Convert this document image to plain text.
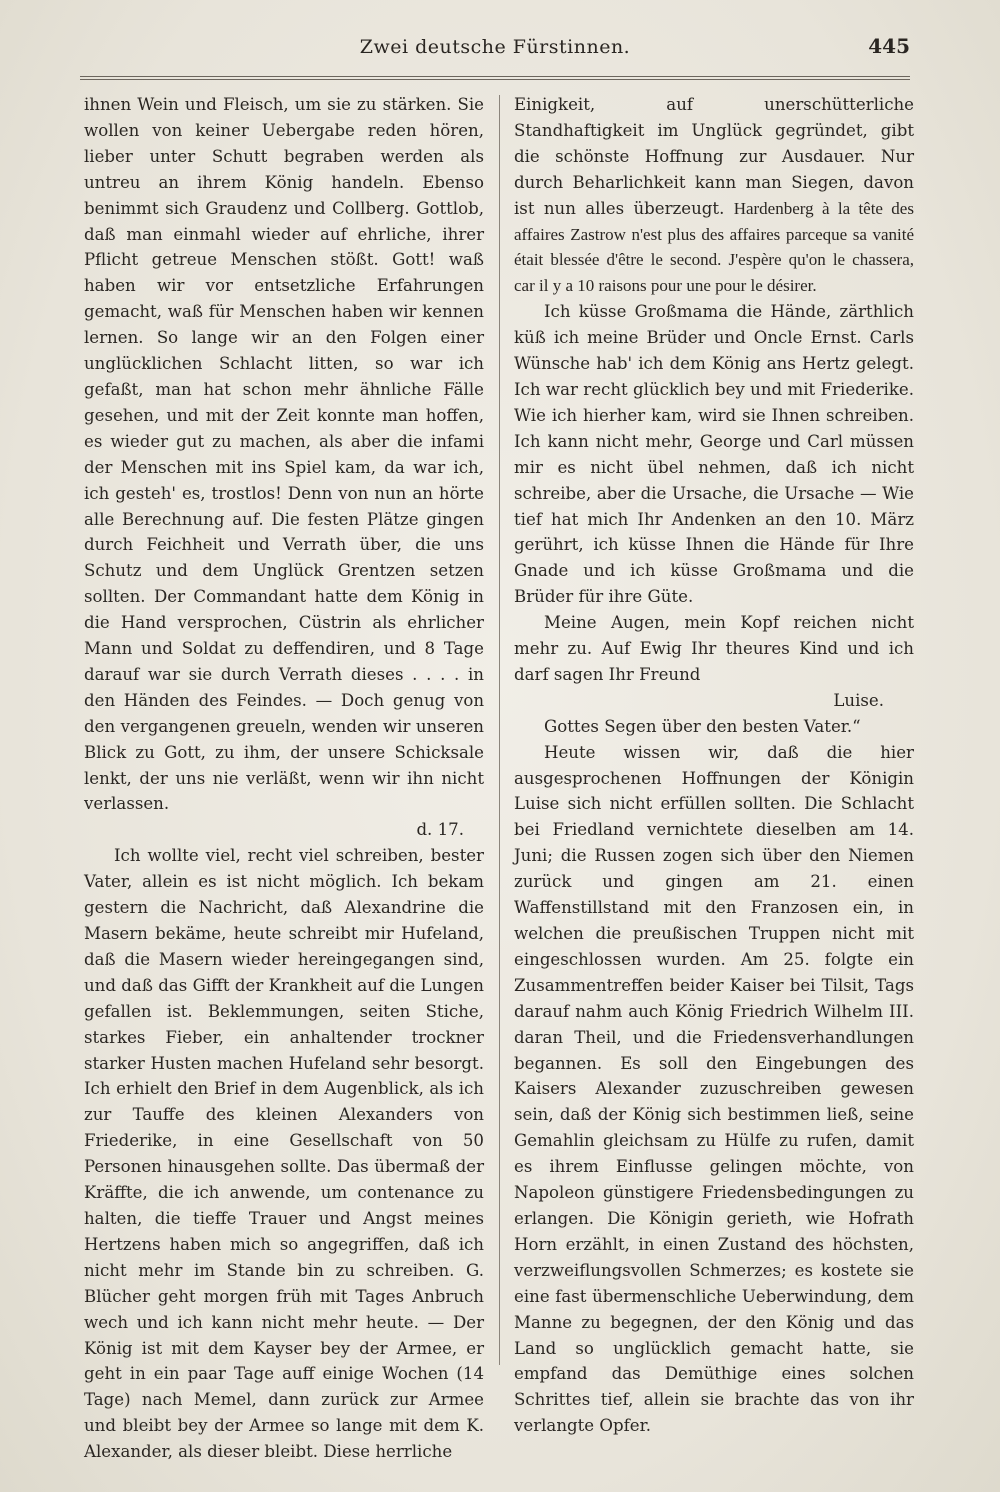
Zwei deutsche Fürstinnen.	445

ihnen Wein und Fleisch, um sie zu stärken. Sie wollen von keiner Uebergabe reden hören, lieber unter Schutt begraben werden als untreu an ihrem König handeln. Ebenso benimmt sich Graudenz und Collberg. Gottlob, daß man einmahl wieder auf ehrliche, ihrer Pflicht getreue Menschen stößt. Gott! waß haben wir vor entsetzliche Erfahrungen gemacht, waß für Menschen haben wir kennen lernen. So lange wir an den Folgen einer unglücklichen Schlacht litten, so war ich gefaßt, man hat schon mehr ähnliche Fälle gesehen, und mit der Zeit konnte man hoffen, es wieder gut zu machen, als aber die infami der Menschen mit ins Spiel kam, da war ich, ich gesteh' es, trostlos! Denn von nun an hörte alle Berechnung auf. Die festen Plätze gingen durch Feichheit und Verrath über, die uns Schutz und dem Unglück Grentzen setzen sollten. Der Commandant hatte dem König in die Hand versprochen, Cüstrin als ehrlicher Mann und Soldat zu deffendiren, und 8 Tage darauf war sie durch Verrath dieses . . . . in den Händen des Feindes. — Doch genug von den vergangenen greueln, wenden wir unseren Blick zu Gott, zu ihm, der unsere Schicksale lenkt, der uns nie verläßt, wenn wir ihn nicht verlassen.

d. 17.

Ich wollte viel, recht viel schreiben, bester Vater, allein es ist nicht möglich. Ich bekam gestern die Nachricht, daß Alexandrine die Masern bekäme, heute schreibt mir Hufeland, daß die Masern wieder hereingegangen sind, und daß das Gifft der Krankheit auf die Lungen gefallen ist. Beklemmungen, seiten Stiche, starkes Fieber, ein anhaltender trockner starker Husten machen Hufeland sehr besorgt. Ich erhielt den Brief in dem Augenblick, als ich zur Tauffe des kleinen Alexanders von Friederike, in eine Gesellschaft von 50 Personen hinausgehen sollte. Das übermaß der Kräffte, die ich anwende, um contenance zu halten, die tieffe Trauer und Angst meines Hertzens haben mich so angegriffen, daß ich nicht mehr im Stande bin zu schreiben. G. Blücher geht morgen früh mit Tages Anbruch wech und ich kann nicht mehr heute. — Der König ist mit dem Kayser bey der Armee, er geht in ein paar Tage auff einige Wochen (14 Tage) nach Memel, dann zurück zur Armee und bleibt bey der Armee so lange mit dem K. Alexander, als dieser bleibt. Diese herrliche

Einigkeit, auf unerschütterliche Standhaftigkeit im Unglück gegründet, gibt die schönste Hoffnung zur Ausdauer. Nur durch Beharlichkeit kann man Siegen, davon ist nun alles überzeugt. Hardenberg à la tête des affaires Zastrow n'est plus des affaires parceque sa vanité était blessée d'être le second. J'espère qu'on le chassera, car il y a 10 raisons pour une pour le désirer.

Ich küsse Großmama die Hände, zärthlich küß ich meine Brüder und Oncle Ernst. Carls Wünsche hab' ich dem König ans Hertz gelegt. Ich war recht glücklich bey und mit Friederike. Wie ich hierher kam, wird sie Ihnen schreiben. Ich kann nicht mehr, George und Carl müssen mir es nicht übel nehmen, daß ich nicht schreibe, aber die Ursache, die Ursache — Wie tief hat mich Ihr Andenken an den 10. März gerührt, ich küsse Ihnen die Hände für Ihre Gnade und ich küsse Großmama und die Brüder für ihre Güte.

Meine Augen, mein Kopf reichen nicht mehr zu. Auf Ewig Ihr theures Kind und ich darf sagen Ihr Freund

Luise.

Gottes Segen über den besten Vater.“

Heute wissen wir, daß die hier ausgesprochenen Hoffnungen der Königin Luise sich nicht erfüllen sollten. Die Schlacht bei Friedland vernichtete dieselben am 14. Juni; die Russen zogen sich über den Niemen zurück und gingen am 21. einen Waffenstillstand mit den Franzosen ein, in welchen die preußischen Truppen nicht mit eingeschlossen wurden. Am 25. folgte ein Zusammentreffen beider Kaiser bei Tilsit, Tags darauf nahm auch König Friedrich Wilhelm III. daran Theil, und die Friedensverhandlungen begannen. Es soll den Eingebungen des Kaisers Alexander zuzuschreiben gewesen sein, daß der König sich bestimmen ließ, seine Gemahlin gleichsam zu Hülfe zu rufen, damit es ihrem Einflusse gelingen möchte, von Napoleon günstigere Friedensbedingungen zu erlangen. Die Königin gerieth, wie Hofrath Horn erzählt, in einen Zustand des höchsten, verzweiflungsvollen Schmerzes; es kostete sie eine fast übermenschliche Ueberwindung, dem Manne zu begegnen, der den König und das Land so unglücklich gemacht hatte, sie empfand das Demüthige eines solchen Schrittes tief, allein sie brachte das von ihr verlangte Opfer.
